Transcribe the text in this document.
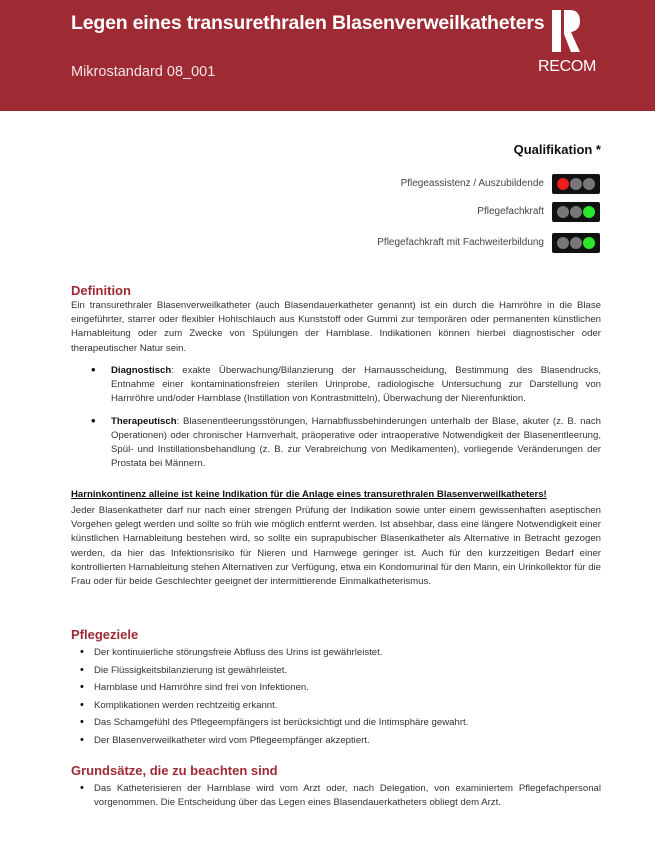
Legen eines transurethralen Blasenverweilkatheters
Mikrostandard 08_001	RECOM
Qualifikation *
Pflegeassistenz / Auszubildende
Pflegefachkraft
Pflegefachkraft mit Fachweiterbildung
Definition

Ein transurethraler Blasenverweilkatheter (auch Blasendauerkatheter genannt) ist ein durch die Harnröhre in die Blase eingeführter, starrer oder flexibler Hohlschlauch aus Kunststoff oder Gummi zur temporären oder permanenten künstlichen Harnableitung oder zum Zwecke von Spülungen der Harnblase. Indikationen können hierbei diagnostischer oder therapeutischer Natur sein.

• Diagnostisch: exakte Überwachung/Bilanzierung der Harnausscheidung, Bestimmung des Blasendrucks, Entnahme einer kontaminationsfreien sterilen Urinprobe, radiologische Untersuchung zur Darstellung von Harnröhre und/oder Harnblase (Instillation von Kontrastmitteln), Überwachung der Nierenfunktion.
• Therapeutisch: Blasenentleerungsstörungen, Harnabflussbehinderungen unterhalb der Blase, akuter (z. B. nach Operationen) oder chronischer Harnverhalt, präoperative oder intraoperative Notwendigkeit der Blasenentleerung, Spül- und Instillationsbehandlung (z. B. zur Verabreichung von Medikamenten), vorliegende Veränderungen der Prostata bei Männern.
Harninkontinenz alleine ist keine Indikation für die Anlage eines transurethralen Blasenverweilkatheters!

Jeder Blasenkatheter darf nur nach einer strengen Prüfung der Indikation sowie unter einem gewissenhaften aseptischen Vorgehen gelegt werden und sollte so früh wie möglich entfernt werden. Ist absehbar, dass eine längere Notwendigkeit einer künstlichen Harnableitung bestehen wird, so sollte ein suprapubischer Blasenkatheter als Alternative in Betracht gezogen werden, da hier das Infektionsrisiko für Nieren und Harnwege geringer ist. Auch für den kurzzeitigen Bedarf einer kontrollierten Harnableitung stehen Alternativen zur Verfügung, etwa ein Kondomurinal für den Mann, ein Urinkollektor für die Frau oder für beide Geschlechter geeignet der intermittierende Einmalkatheterismus.

Pflegeziele
• Der kontinuierliche störungsfreie Abfluss des Urins ist gewährleistet.
• Die Flüssigkeitsbilanzierung ist gewährleistet.
• Harnblase und Harnröhre sind frei von Infektionen.
• Komplikationen werden rechtzeitig erkannt.
• Das Schamgefühl des Pflegeempfängers ist berücksichtigt und die Intimsphäre gewahrt.
• Der Blasenverweilkatheter wird vom Pflegeempfänger akzeptiert.
Grundsätze, die zu beachten sind
• Das Katheterisieren der Harnblase wird vom Arzt oder, nach Delegation, von examiniertem Pflegefachpersonal vorgenommen. Die Entscheidung über das Legen eines Blasendauerkatheters obliegt dem Arzt.
